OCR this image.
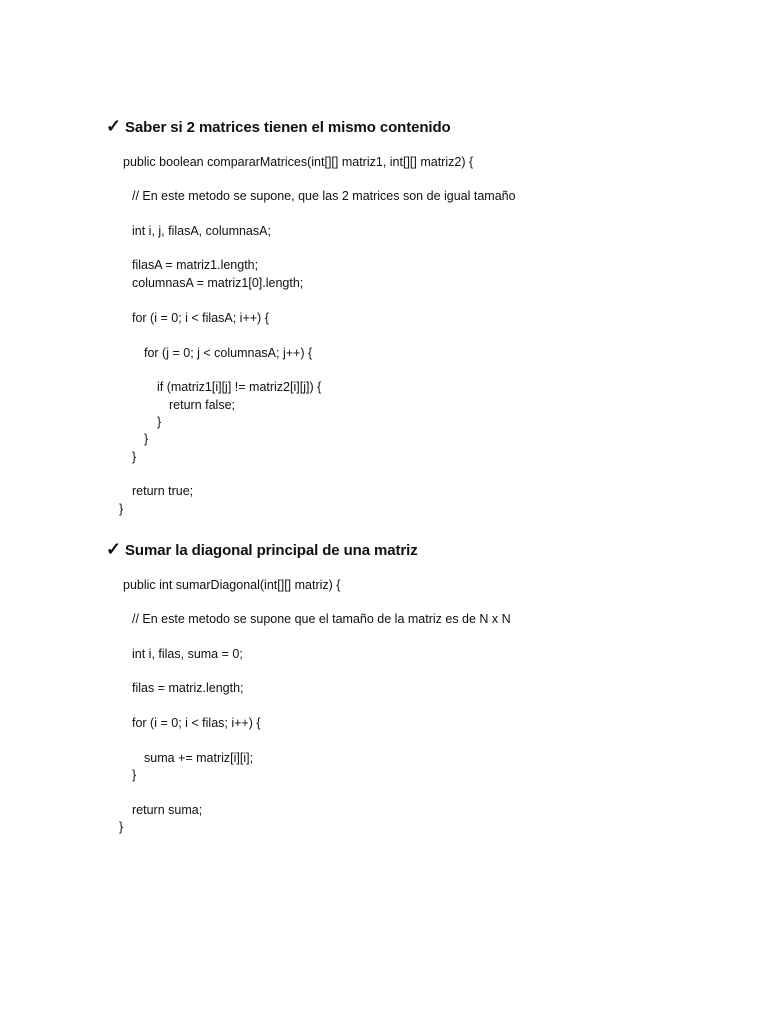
✓ Saber si 2 matrices tienen el mismo contenido
public boolean compararMatrices(int[][] matriz1, int[][] matriz2) {
// En este metodo se supone, que las 2 matrices son de igual tamaño
int i, j, filasA, columnasA;
filasA = matriz1.length;
columnasA = matriz1[0].length;
for (i = 0; i < filasA; i++) {
for (j = 0; j < columnasA; j++) {
if (matriz1[i][j] != matriz2[i][j]) {
return false;
}
}
}
return true;
}
✓ Sumar la diagonal principal de una matriz
public int sumarDiagonal(int[][] matriz) {
// En este metodo se supone que el tamaño de la matriz es de N x N
int i, filas, suma = 0;
filas = matriz.length;
for (i = 0; i < filas; i++) {
suma += matriz[i][i];
}
return suma;
}
